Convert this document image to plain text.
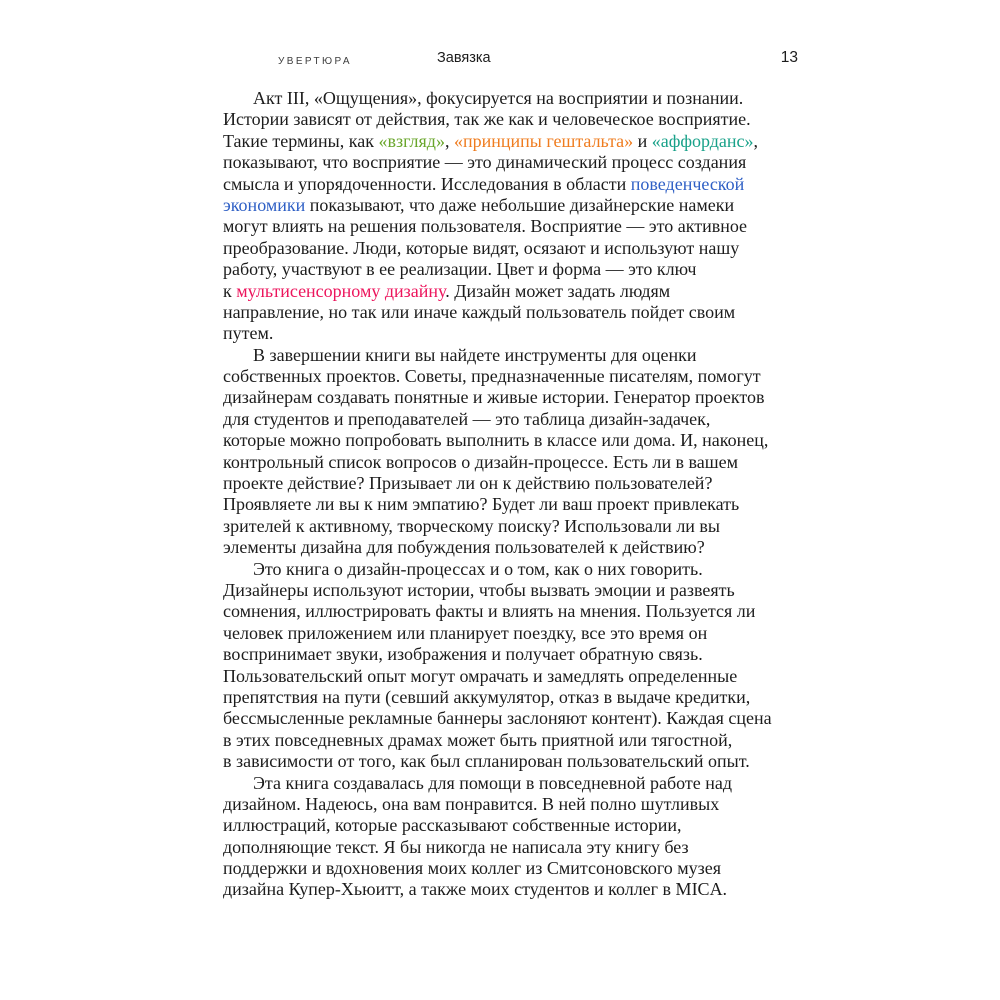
УВЕРТЮРА	Завязка	13
Акт III, «Ощущения», фокусируется на восприятии и познании.
Истории зависят от действия, так же как и человеческое восприятие.
Такие термины, как «взгляд», «принципы гештальта» и «аффорданс»,
показывают, что восприятие — это динамический процесс создания
смысла и упорядоченности. Исследования в области поведенческой
экономики показывают, что даже небольшие дизайнерские намеки
могут влиять на решения пользователя. Восприятие — это активное
преобразование. Люди, которые видят, осязают и используют нашу
работу, участвуют в ее реализации. Цвет и форма — это ключ
к мультисенсорному дизайну. Дизайн может задать людям
направление, но так или иначе каждый пользователь пойдет своим
путем.
В завершении книги вы найдете инструменты для оценки
собственных проектов. Советы, предназначенные писателям, помогут
дизайнерам создавать понятные и живые истории. Генератор проектов
для студентов и преподавателей — это таблица дизайн-задачек,
которые можно попробовать выполнить в классе или дома. И, наконец,
контрольный список вопросов о дизайн-процессе. Есть ли в вашем
проекте действие? Призывает ли он к действию пользователей?
Проявляете ли вы к ним эмпатию? Будет ли ваш проект привлекать
зрителей к активному, творческому поиску? Использовали ли вы
элементы дизайна для побуждения пользователей к действию?
Это книга о дизайн-процессах и о том, как о них говорить.
Дизайнеры используют истории, чтобы вызвать эмоции и развеять
сомнения, иллюстрировать факты и влиять на мнения. Пользуется ли
человек приложением или планирует поездку, все это время он
воспринимает звуки, изображения и получает обратную связь.
Пользовательский опыт могут омрачать и замедлять определенные
препятствия на пути (севший аккумулятор, отказ в выдаче кредитки,
бессмысленные рекламные баннеры заслоняют контент). Каждая сцена
в этих повседневных драмах может быть приятной или тягостной,
в зависимости от того, как был спланирован пользовательский опыт.
Эта книга создавалась для помощи в повседневной работе над
дизайном. Надеюсь, она вам понравится. В ней полно шутливых
иллюстраций, которые рассказывают собственные истории,
дополняющие текст. Я бы никогда не написала эту книгу без
поддержки и вдохновения моих коллег из Смитсоновского музея
дизайна Купер-Хьюитт, а также моих студентов и коллег в MICA.
